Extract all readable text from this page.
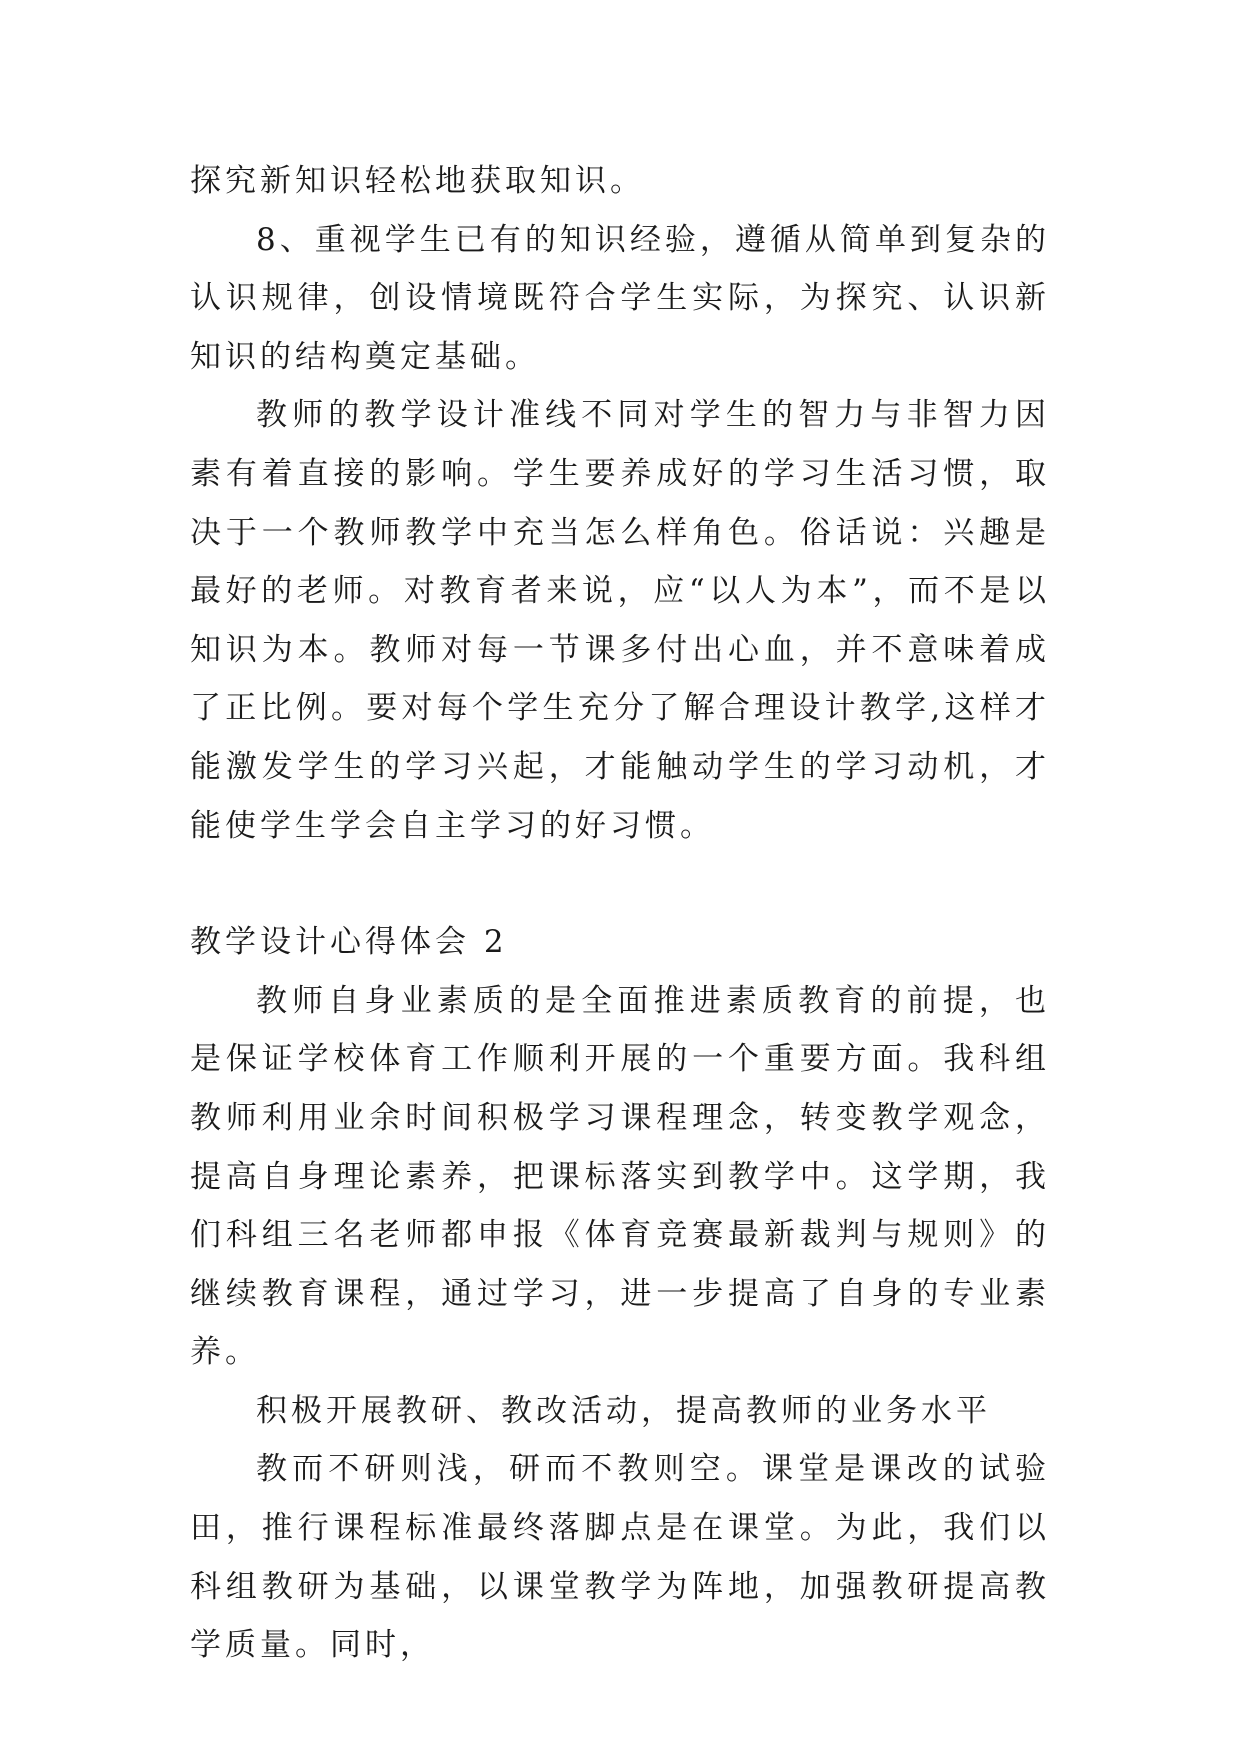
探究新知识轻松地获取知识。

8、重视学生已有的知识经验，遵循从简单到复杂的认识规律，创设情境既符合学生实际，为探究、认识新知识的结构奠定基础。

教师的教学设计准线不同对学生的智力与非智力因素有着直接的影响。学生要养成好的学习生活习惯，取决于一个教师教学中充当怎么样角色。俗话说：兴趣是最好的老师。对教育者来说，应“以人为本”，而不是以知识为本。教师对每一节课多付出心血，并不意味着成了正比例。要对每个学生充分了解合理设计教学,这样才能激发学生的学习兴起，才能触动学生的学习动机，才能使学生学会自主学习的好习惯。

教学设计心得体会 2

教师自身业素质的是全面推进素质教育的前提，也是保证学校体育工作顺利开展的一个重要方面。我科组教师利用业余时间积极学习课程理念，转变教学观念，提高自身理论素养，把课标落实到教学中。这学期，我们科组三名老师都申报《体育竞赛最新裁判与规则》的继续教育课程，通过学习，进一步提高了自身的专业素养。

积极开展教研、教改活动，提高教师的业务水平

教而不研则浅，研而不教则空。课堂是课改的试验田，推行课程标准最终落脚点是在课堂。为此，我们以科组教研为基础，以课堂教学为阵地，加强教研提高教学质量。同时，
